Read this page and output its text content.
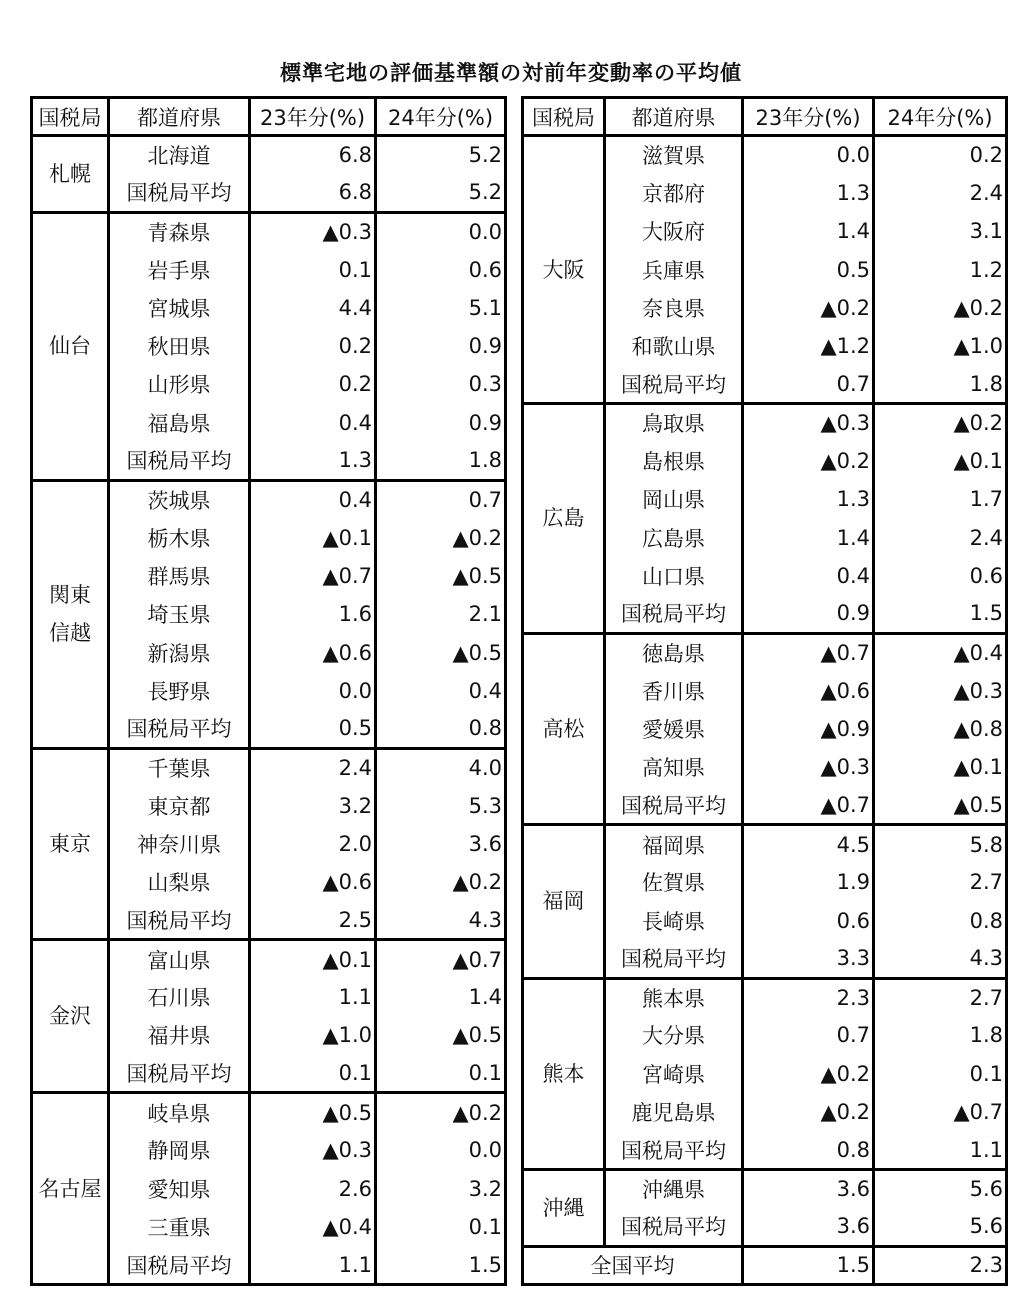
標準宅地の評価基準額の対前年変動率の平均値
国税局	都道府県	23年分(%)	24年分(%)
札幌	北海道	6.8	5.2
	国税局平均	6.8	5.2
仙台	青森県	▲0.3	0.0
	岩手県	0.1	0.6
	宮城県	4.4	5.1
	秋田県	0.2	0.9
	山形県	0.2	0.3
	福島県	0.4	0.9
	国税局平均	1.3	1.8
関東
信越	茨城県	0.4	0.7
	栃木県	▲0.1	▲0.2
	群馬県	▲0.7	▲0.5
	埼玉県	1.6	2.1
	新潟県	▲0.6	▲0.5
	長野県	0.0	0.4
	国税局平均	0.5	0.8
東京	千葉県	2.4	4.0
	東京都	3.2	5.3
	神奈川県	2.0	3.6
	山梨県	▲0.6	▲0.2
	国税局平均	2.5	4.3
金沢	富山県	▲0.1	▲0.7
	石川県	1.1	1.4
	福井県	▲1.0	▲0.5
	国税局平均	0.1	0.1
名古屋	岐阜県	▲0.5	▲0.2
	静岡県	▲0.3	0.0
	愛知県	2.6	3.2
	三重県	▲0.4	0.1
	国税局平均	1.1	1.5
国税局	都道府県	23年分(%)	24年分(%)
大阪	滋賀県	0.0	0.2
	京都府	1.3	2.4
	大阪府	1.4	3.1
	兵庫県	0.5	1.2
	奈良県	▲0.2	▲0.2
	和歌山県	▲1.2	▲1.0
	国税局平均	0.7	1.8
広島	鳥取県	▲0.3	▲0.2
	島根県	▲0.2	▲0.1
	岡山県	1.3	1.7
	広島県	1.4	2.4
	山口県	0.4	0.6
	国税局平均	0.9	1.5
高松	徳島県	▲0.7	▲0.4
	香川県	▲0.6	▲0.3
	愛媛県	▲0.9	▲0.8
	高知県	▲0.3	▲0.1
	国税局平均	▲0.7	▲0.5
福岡	福岡県	4.5	5.8
	佐賀県	1.9	2.7
	長崎県	0.6	0.8
	国税局平均	3.3	4.3
熊本	熊本県	2.3	2.7
	大分県	0.7	1.8
	宮崎県	▲0.2	0.1
	鹿児島県	▲0.2	▲0.7
	国税局平均	0.8	1.1
沖縄	沖縄県	3.6	5.6
	国税局平均	3.6	5.6
全国平均		1.5	2.3
